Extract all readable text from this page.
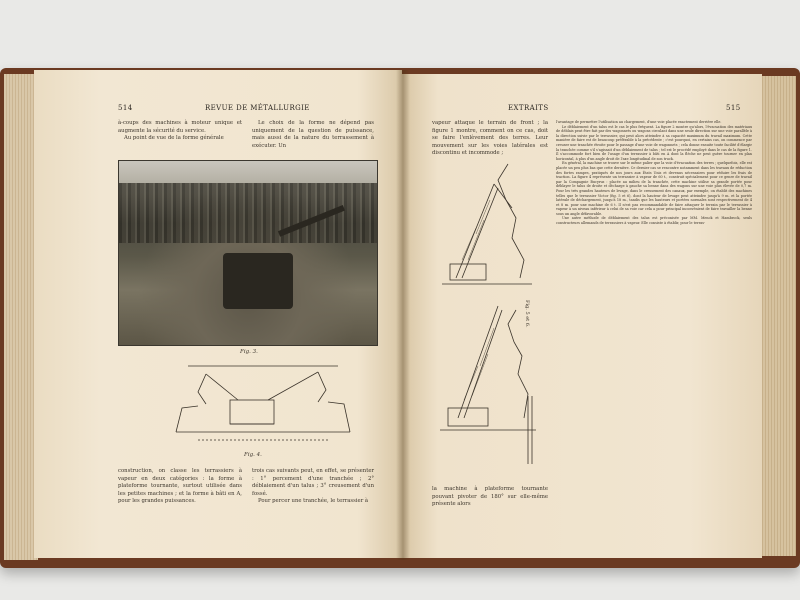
514	REVUE DE MÉTALLURGIE

à-coups des machines à moteur unique et augmente la sécurité du service.

Au point de vue de la forme générale

Le choix de la forme ne dépend pas uniquement de la question de puissance, mais aussi de la nature du terrassement à exécuter. Un
Fig. 3.
Fig. 4.
construction, on classe les terrassiers à vapeur en deux catégories : la forme à plateforme tournante, surtout utilisée dans les petites machines ; et la forme à bâti en A, pour les grandes puissances.

trois cas suivants peut, en effet, se présenter : 1° percement d'une tranchée ; 2° déblaiement d'un talus ; 3° creusement d'un fossé.

Pour percer une tranchée, le terrassier à

EXTRAITS	515
vapeur attaque le terrain de front ; la figure 1 montre, comment on ce cas, doit se faire l'enlèvement des terres. Leur mouvement sur les voies latérales est discontinu et incommode ;
Fig. 5 et 6.
la machine à plateforme tournante pouvant pivoter de 180° sur elle-même présente alors

l'avantage de permettre l'utilisation au chargement, d'une voie placée exactement derrière elle.

Le déblaiement d'un talus est le cas le plus fréquent. La figure 2 montre qu'alors, l'évacuation des matériaux de déblais peut être fait par des wagonnets ou wagons circulant dans une seule direction sur une voie parallèle à la direction suivie par le terrassier, qui peut alors atteindre à sa capacité maximum du travail maximum. Cette manière de faire est de beaucoup préférable à la précédente ; c'est pourquoi, en certains cas, on commence par creuser une tranchée étroite pour le passage d'une voie de wagonnets ; cela donne ensuite toute facilité d'élargir la tranchée comme s'il s'agissait d'un déblaiement de talus ; tel est le procédé employé dans le cas de la figure 1. Il s'accommode fort bien de l'usage d'un terrassier à bâti en A dont la flèche ne peut guère tourner en plan horizontal, à plus d'un angle droit de l'axe longitudinal de son truck.

En général, la machine se trouve sur le même palier que la voie d'évacuation des terres ; quelquefois, elle est placée un peu plus bas que cette dernière. Ce dernier cas se rencontre notamment dans les travaux de réduction des fortes rampes, pratiqués de nos jours aux États Unis et devenus nécessaires pour réduire les frais de traction. La figure 4 représente un terrassier à vapeur de 60 t., construit spécialement pour ce genre de travail par la Compagnie Bucyrus : placée au milieu de la tranchée, cette machine utilise sa grande portée pour déblayer le talus de droite et décharge à gauche sa benne dans des wagons sur une voie plus élevée de 0,7 m. Pour les très grandes hauteurs de levage, dans le creusement des canaux, par exemple, on établit des machines telles que le terrassier Victor (fig. 5 et 6), dont la hauteur de levage peut atteindre jusqu'à 9 m. et la portée latérale de déchargement, jusqu'à 18 m., tandis que les hauteurs et portées normales sont respectivement de 4 et 8 m. pour une machine de 6 t. Il n'est pas recommandable de faire attaquer le terrain par le terrassier à vapeur à un niveau inférieur à celui de sa voie car cela a pour principal inconvénient de faire travailler la benne sous un angle défavorable.

Une autre méthode de déblaiement des talus est préconisée par MM. Menck et Hambrock, seuls constructeurs allemands de terrassiers à vapeur. Elle consiste à établir, pour le terras-
